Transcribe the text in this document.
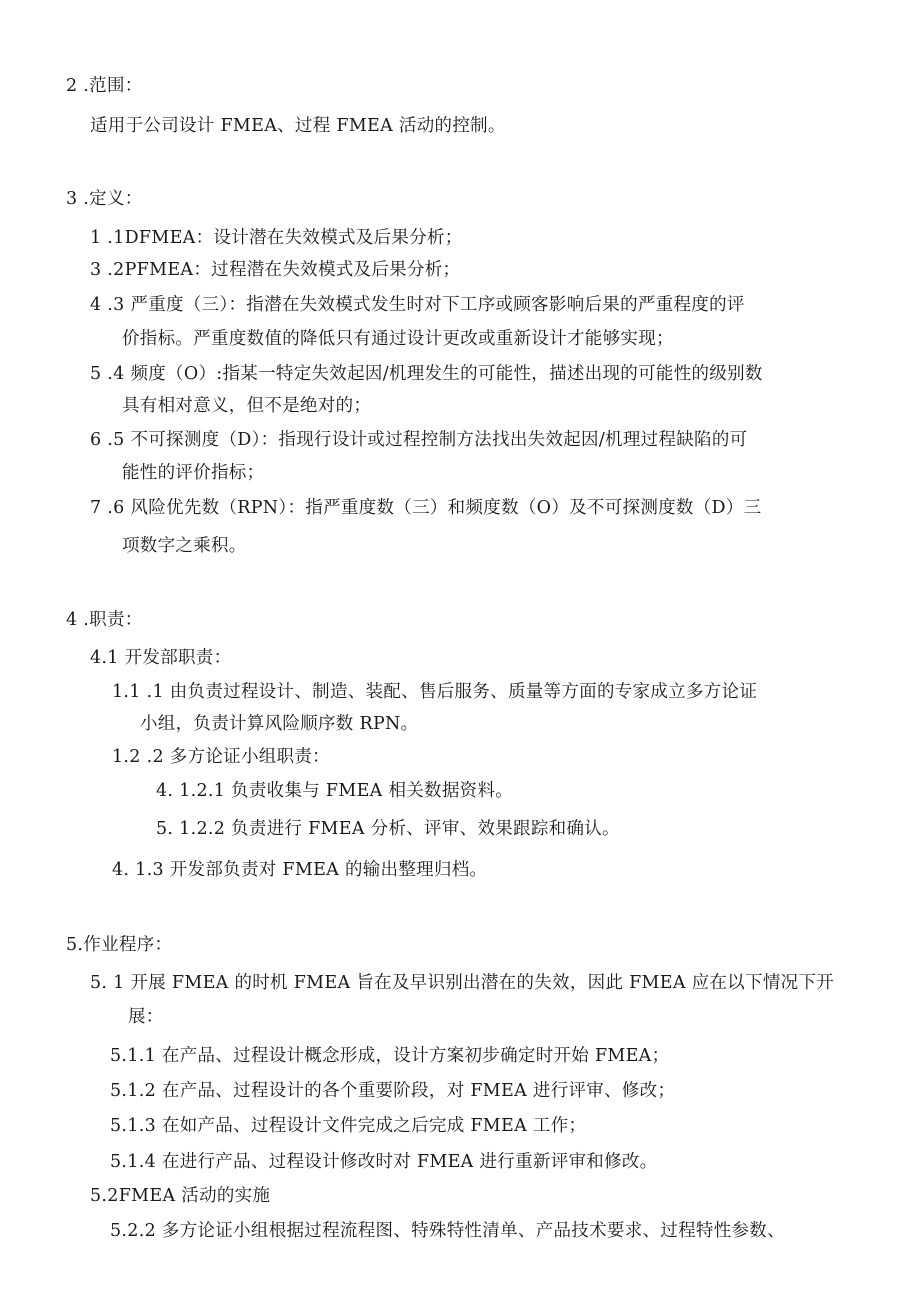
2 .范围：
适用于公司设计 FMEA、过程 FMEA 活动的控制。
3 .定义：
1 .1DFMEA：设计潜在失效模式及后果分析；
3 .2PFMEA：过程潜在失效模式及后果分析；
4 .3 严重度（三）：指潜在失效模式发生时对下工序或顾客影响后果的严重程度的评
价指标。严重度数值的降低只有通过设计更改或重新设计才能够实现；
5 .4 频度（O）:指某一特定失效起因/机理发生的可能性，描述出现的可能性的级别数
具有相对意义，但不是绝对的；
6 .5 不可探测度（D）：指现行设计或过程控制方法找出失效起因/机理过程缺陷的可
能性的评价指标；
7 .6 风险优先数（RPN）：指严重度数（三）和频度数（O）及不可探测度数（D）三
项数字之乘积。
4 .职责：
4.1 开发部职责：
1.1 .1 由负责过程设计、制造、装配、售后服务、质量等方面的专家成立多方论证
小组，负责计算风险顺序数 RPN。
1.2 .2 多方论证小组职责：
4. 1.2.1 负责收集与 FMEA 相关数据资料。
5. 1.2.2 负责进行 FMEA 分析、评审、效果跟踪和确认。
4. 1.3 开发部负责对 FMEA 的输出整理归档。
5.作业程序：
5. 1 开展 FMEA 的时机 FMEA 旨在及早识别出潜在的失效，因此 FMEA 应在以下情况下开
展：
5.1.1 在产品、过程设计概念形成，设计方案初步确定时开始 FMEA；
5.1.2 在产品、过程设计的各个重要阶段，对 FMEA 进行评审、修改；
5.1.3 在如产品、过程设计文件完成之后完成 FMEA 工作；
5.1.4 在进行产品、过程设计修改时对 FMEA 进行重新评审和修改。
5.2FMEA 活动的实施
5.2.2 多方论证小组根据过程流程图、特殊特性清单、产品技术要求、过程特性参数、
